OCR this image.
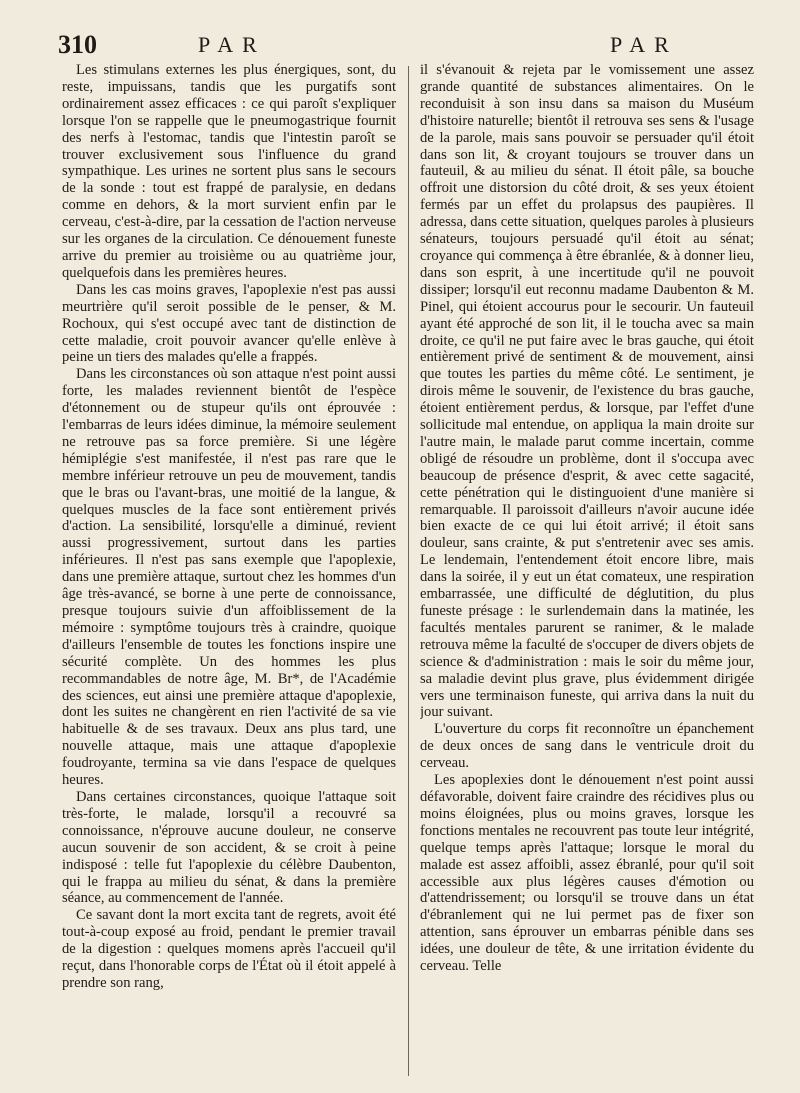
310	PAR	PAR

Les stimulans externes les plus énergiques, sont, du reste, impuissans, tandis que les purgatifs sont ordinairement assez efficaces : ce qui paroît s'expliquer lorsque l'on se rappelle que le pneumogastrique fournit des nerfs à l'estomac, tandis que l'intestin paroît se trouver exclusivement sous l'influence du grand sympathique. Les urines ne sortent plus sans le secours de la sonde : tout est frappé de paralysie, en dedans comme en dehors, & la mort survient enfin par le cerveau, c'est-à-dire, par la cessation de l'action nerveuse sur les organes de la circulation. Ce dénouement funeste arrive du premier au troisième ou au quatrième jour, quelquefois dans les premières heures.

Dans les cas moins graves, l'apoplexie n'est pas aussi meurtrière qu'il seroit possible de le penser, & M. Rochoux, qui s'est occupé avec tant de distinction de cette maladie, croit pouvoir avancer qu'elle enlève à peine un tiers des malades qu'elle a frappés.

Dans les circonstances où son attaque n'est point aussi forte, les malades reviennent bientôt de l'espèce d'étonnement ou de stupeur qu'ils ont éprouvée : l'embarras de leurs idées diminue, la mémoire seulement ne retrouve pas sa force première. Si une légère hémiplégie s'est manifestée, il n'est pas rare que le membre inférieur retrouve un peu de mouvement, tandis que le bras ou l'avant-bras, une moitié de la langue, & quelques muscles de la face sont entièrement privés d'action. La sensibilité, lorsqu'elle a diminué, revient aussi progressivement, surtout dans les parties inférieures. Il n'est pas sans exemple que l'apoplexie, dans une première attaque, surtout chez les hommes d'un âge très-avancé, se borne à une perte de connoissance, presque toujours suivie d'un affoiblissement de la mémoire : symptôme toujours très à craindre, quoique d'ailleurs l'ensemble de toutes les fonctions inspire une sécurité complète. Un des hommes les plus recommandables de notre âge, M. Br*, de l'Académie des sciences, eut ainsi une première attaque d'apoplexie, dont les suites ne changèrent en rien l'activité de sa vie habituelle & de ses travaux. Deux ans plus tard, une nouvelle attaque, mais une attaque d'apoplexie foudroyante, termina sa vie dans l'espace de quelques heures.

Dans certaines circonstances, quoique l'attaque soit très-forte, le malade, lorsqu'il a recouvré sa connoissance, n'éprouve aucune douleur, ne conserve aucun souvenir de son accident, & se croit à peine indisposé : telle fut l'apoplexie du célèbre Daubenton, qui le frappa au milieu du sénat, & dans la première séance, au commencement de l'année.

Ce savant dont la mort excita tant de regrets, avoit été tout-à-coup exposé au froid, pendant le premier travail de la digestion : quelques momens après l'accueil qu'il reçut, dans l'honorable corps de l'État où il étoit appelé à prendre son rang,

il s'évanouit & rejeta par le vomissement une assez grande quantité de substances alimentaires. On le reconduisit à son insu dans sa maison du Muséum d'histoire naturelle; bientôt il retrouva ses sens & l'usage de la parole, mais sans pouvoir se persuader qu'il étoit dans son lit, & croyant toujours se trouver dans un fauteuil, & au milieu du sénat. Il étoit pâle, sa bouche offroit une distorsion du côté droit, & ses yeux étoient fermés par un effet du prolapsus des paupières. Il adressa, dans cette situation, quelques paroles à plusieurs sénateurs, toujours persuadé qu'il étoit au sénat; croyance qui commença à être ébranlée, & à donner lieu, dans son esprit, à une incertitude qu'il ne pouvoit dissiper; lorsqu'il eut reconnu madame Daubenton & M. Pinel, qui étoient accourus pour le secourir. Un fauteuil ayant été approché de son lit, il le toucha avec sa main droite, ce qu'il ne put faire avec le bras gauche, qui étoit entièrement privé de sentiment & de mouvement, ainsi que toutes les parties du même côté. Le sentiment, je dirois même le souvenir, de l'existence du bras gauche, étoient entièrement perdus, & lorsque, par l'effet d'une sollicitude mal entendue, on appliqua la main droite sur l'autre main, le malade parut comme incertain, comme obligé de résoudre un problème, dont il s'occupa avec beaucoup de présence d'esprit, & avec cette sagacité, cette pénétration qui le distinguoient d'une manière si remarquable. Il paroissoit d'ailleurs n'avoir aucune idée bien exacte de ce qui lui étoit arrivé; il étoit sans douleur, sans crainte, & put s'entretenir avec ses amis. Le lendemain, l'entendement étoit encore libre, mais dans la soirée, il y eut un état comateux, une respiration embarrassée, une difficulté de déglutition, du plus funeste présage : le surlendemain dans la matinée, les facultés mentales parurent se ranimer, & le malade retrouva même la faculté de s'occuper de divers objets de science & d'administration : mais le soir du même jour, sa maladie devint plus grave, plus évidemment dirigée vers une terminaison funeste, qui arriva dans la nuit du jour suivant.

L'ouverture du corps fit reconnoître un épanchement de deux onces de sang dans le ventricule droit du cerveau.

Les apoplexies dont le dénouement n'est point aussi défavorable, doivent faire craindre des récidives plus ou moins éloignées, plus ou moins graves, lorsque les fonctions mentales ne recouvrent pas toute leur intégrité, quelque temps après l'attaque; lorsque le moral du malade est assez affoibli, assez ébranlé, pour qu'il soit accessible aux plus légères causes d'émotion ou d'attendrissement; ou lorsqu'il se trouve dans un état d'ébranlement qui ne lui permet pas de fixer son attention, sans éprouver un embarras pénible dans ses idées, une douleur de tête, & une irritation évidente du cerveau. Telle
